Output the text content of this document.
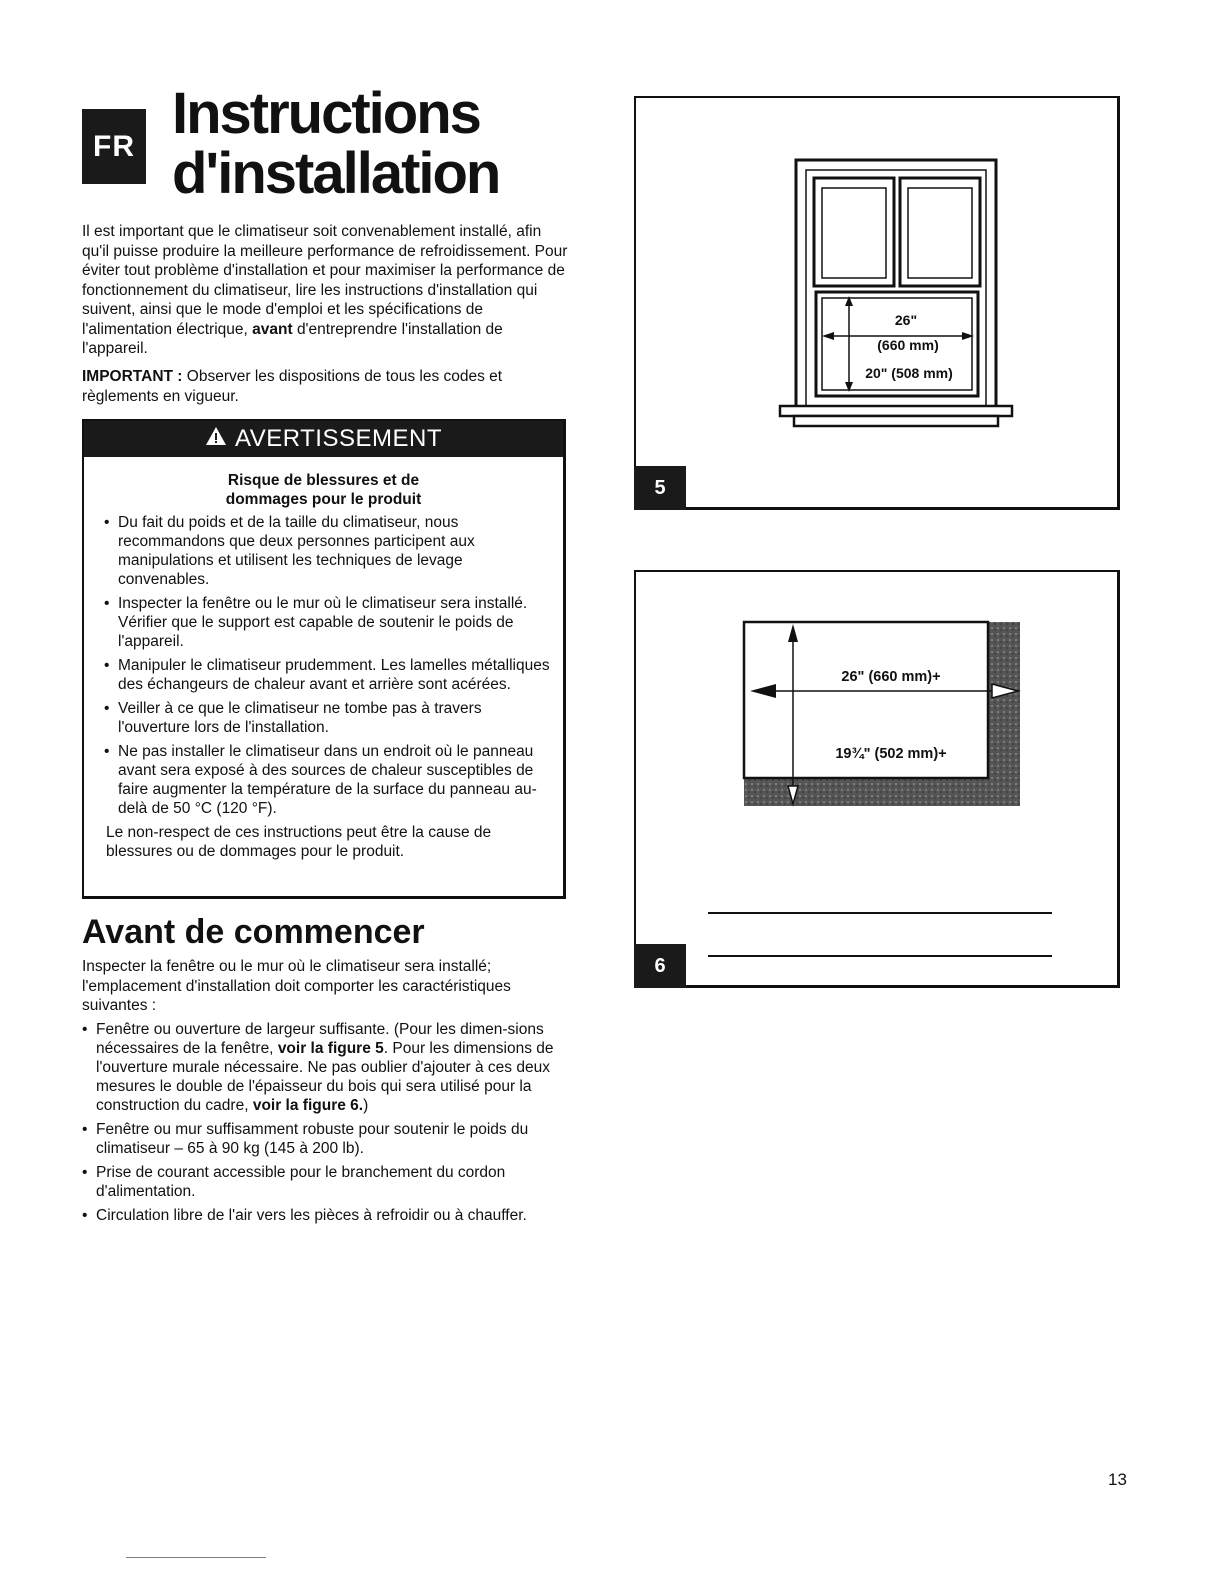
FR Instructions
d'installation

Il est important que le climatiseur soit convenablement installé, afin qu'il puisse produire la meilleure performance de refroidissement. Pour éviter tout problème d'installation et pour maximiser la performance de fonctionnement du climatiseur, lire les instructions d'installation qui suivent, ainsi que le mode d'emploi et les spécifications de l'alimentation électrique, avant d'entreprendre l'installation de l'appareil.

IMPORTANT : Observer les dispositions de tous les codes et règlements en vigueur.

AVERTISSEMENT
Risque de blessures et de
dommages pour le produit
• Du fait du poids et de la taille du climatiseur, nous recommandons que deux personnes participent aux manipulations et utilisent les techniques de levage convenables.
• Inspecter la fenêtre ou le mur où le climatiseur sera installé. Vérifier que le support est capable de soutenir le poids de l'appareil.
• Manipuler le climatiseur prudemment. Les lamelles métalliques des échangeurs de chaleur avant et arrière sont acérées.
• Veiller à ce que le climatiseur ne tombe pas à travers l'ouverture lors de l'installation.
• Ne pas installer le climatiseur dans un endroit où le panneau avant sera exposé à des sources de chaleur susceptibles de faire augmenter la température de la surface du panneau au-delà de 50 °C (120 °F).
Le non-respect de ces instructions peut être la cause de blessures ou de dommages pour le produit.
Avant de commencer

Inspecter la fenêtre ou le mur où le climatiseur sera installé; l'emplacement d'installation doit comporter les caractéristiques suivantes :

• Fenêtre ou ouverture de largeur suffisante. (Pour les dimen-sions nécessaires de la fenêtre, voir la figure 5. Pour les dimensions de l'ouverture murale nécessaire. Ne pas oublier d'ajouter à ces deux mesures le double de l'épaisseur du bois qui sera utilisé pour la construction du cadre, voir la figure 6.)
• Fenêtre ou mur suffisamment robuste pour soutenir le poids du climatiseur – 65 à 90 kg (145 à 200 lb).
• Prise de courant accessible pour le branchement du cordon d'alimentation.
• Circulation libre de l'air vers les pièces à refroidir ou à chauffer.
26"
(660 mm)
20" (508 mm)
5
26" (660 mm)+
19¾" (502 mm)+
6
13
